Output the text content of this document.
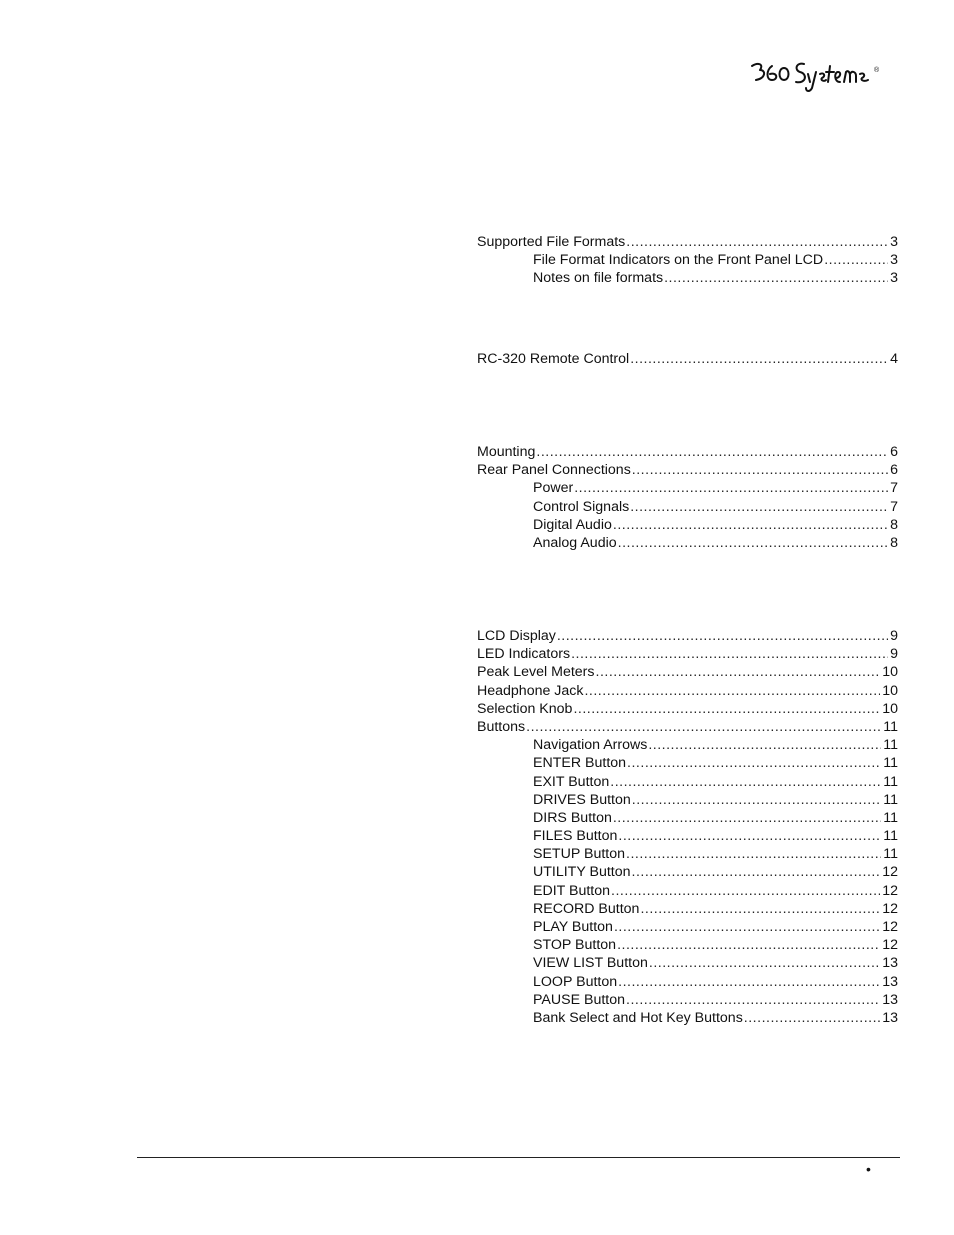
®
Supported File Formats .....	3
File Format Indicators on the Front Panel LCD .....	3
Notes on file formats .....	3
RC-320 Remote Control .....	4
Mounting .....	6
Rear Panel Connections .....	6
Power .....	7
Control Signals .....	7
Digital Audio .....	8
Analog Audio .....	8
LCD Display .....	9
LED Indicators .....	9
Peak Level Meters .....	10
Headphone Jack .....	10
Selection Knob .....	10
Buttons .....	11
Navigation Arrows .....	11
ENTER Button .....	11
EXIT Button .....	11
DRIVES Button .....	11
DIRS Button .....	11
FILES Button .....	11
SETUP Button .....	11
UTILITY Button .....	12
EDIT Button .....	12
RECORD Button .....	12
PLAY Button .....	12
STOP Button .....	12
VIEW LIST Button .....	13
LOOP Button .....	13
PAUSE Button .....	13
Bank Select and Hot Key Buttons .....	13
•
